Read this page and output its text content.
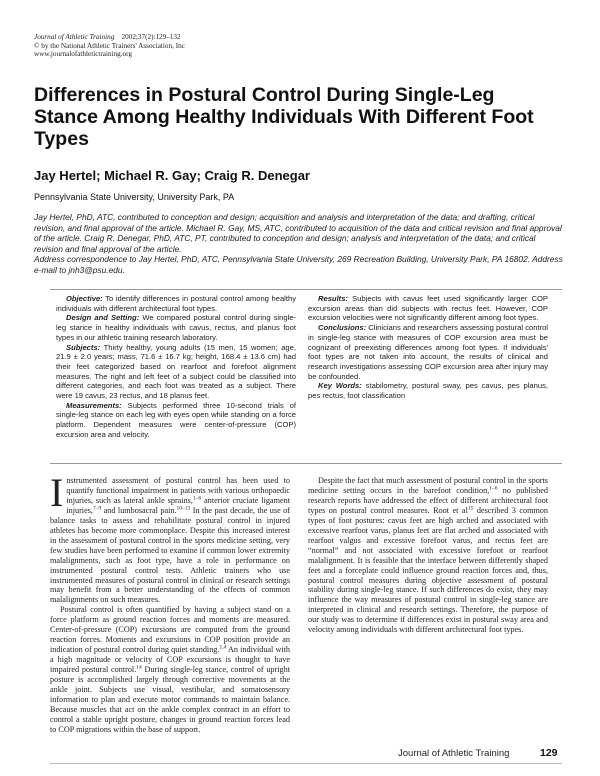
Journal of Athletic Training 2002;37(2):129–132
© by the National Athletic Trainers' Association, Inc
www.journalofathletictraining.org
Differences in Postural Control During Single-Leg Stance Among Healthy Individuals With Different Foot Types
Jay Hertel; Michael R. Gay; Craig R. Denegar
Pennsylvania State University, University Park, PA
Jay Hertel, PhD, ATC, contributed to conception and design; acquisition and analysis and interpretation of the data; and drafting, critical revision, and final approval of the article. Michael R. Gay, MS, ATC, contributed to acquisition of the data and critical revision and final approval of the article. Craig R. Denegar, PhD, ATC, PT, contributed to conception and design; analysis and interpretation of the data; and critical revision and final approval of the article.
Address correspondence to Jay Hertel, PhD, ATC, Pennsylvania State University, 269 Recreation Building, University Park, PA 16802. Address e-mail to jnh3@psu.edu.

Objective: To identify differences in postural control among healthy individuals with different architectural foot types.

Design and Setting: We compared postural control during single-leg stance in healthy individuals with cavus, rectus, and planus foot types in our athletic training research laboratory.

Subjects: Thirty healthy, young adults (15 men, 15 women; age, 21.9 ± 2.0 years; mass, 71.6 ± 16.7 kg; height, 168.4 ± 13.6 cm) had their feet categorized based on rearfoot and forefoot alignment measures. The right and left feet of a subject could be classified into different categories, and each foot was treated as a subject. There were 19 cavus, 23 rectus, and 18 planus feet.

Measurements: Subjects performed three 10-second trials of single-leg stance on each leg with eyes open while standing on a force platform. Dependent measures were center-of-pressure (COP) excursion area and velocity.

Results: Subjects with cavus feet used significantly larger COP excursion areas than did subjects with rectus feet. However, COP excursion velocities were not significantly different among foot types.

Conclusions: Clinicians and researchers assessing postural control in single-leg stance with measures of COP excursion area must be cognizant of preexisting differences among foot types. If individuals' foot types are not taken into account, the results of clinical and research investigations assessing COP excursion area after injury may be confounded.

Key Words: stabilometry, postural sway, pes cavus, pes planus, pes rectus, foot classification

Instrumented assessment of postural control has been used to quantify functional impairment in patients with various orthopaedic injuries, such as lateral ankle sprains,$^{1-6}$ anterior cruciate ligament injuries,$^{7-9}$ and lumbosacral pain.$^{10-13}$ In the past decade, the use of balance tasks to assess and rehabilitate postural control in injured athletes has become more commonplace. Despite this increased interest in the assessment of postural control in the sports medicine setting, very few studies have been performed to examine if common lower extremity malalignments, such as foot type, have a role in performance on instrumented postural control tests. Athletic trainers who use instrumented measures of postural control in clinical or research settings may benefit from a better understanding of the effects of common malalignments on such measures.

Postural control is often quantified by having a subject stand on a force platform as ground reaction forces and moments are measured. Center-of-pressure (COP) excursions are computed from the ground reaction forces. Moments and excursions in COP position provide an indication of postural control during quiet standing.$^{1,4}$ An individual with a high magnitude or velocity of COP excursions is thought to have impaired postural control.$^{14}$ During single-leg stance, control of upright posture is accomplished largely through corrective movements at the ankle joint. Subjects use visual, vestibular, and somatosensory information to plan and execute motor commands to maintain balance. Because muscles that act on the ankle complex contract in an effort to control a stable upright posture, changes in ground reaction forces lead to COP migrations within the base of support.

Despite the fact that much assessment of postural control in the sports medicine setting occurs in the barefoot condition,$^{1-6}$ no published research reports have addressed the effect of different architectural foot types on postural control measures. Root et $al^{15}$ described 3 common types of foot postures: cavus feet are high arched and associated with excessive rearfoot varus, planus feet are flat arched and associated with rearfoot valgus and excessive forefoot varus, and rectus feet are “normal” and not associated with excessive forefoot or rearfoot malalignment. It is feasible that the interface between differently shaped feet and a forceplate could influence ground reaction forces and, thus, postural control measures during objective assessment of postural stability during single-leg stance. If such differences do exist, they may influence the way measures of postural control in single-leg stance are interpreted in clinical and research settings. Therefore, the purpose of our study was to determine if differences exist in postural sway area and velocity among individuals with different architectural foot types.

Journal of Athletic Training	129
